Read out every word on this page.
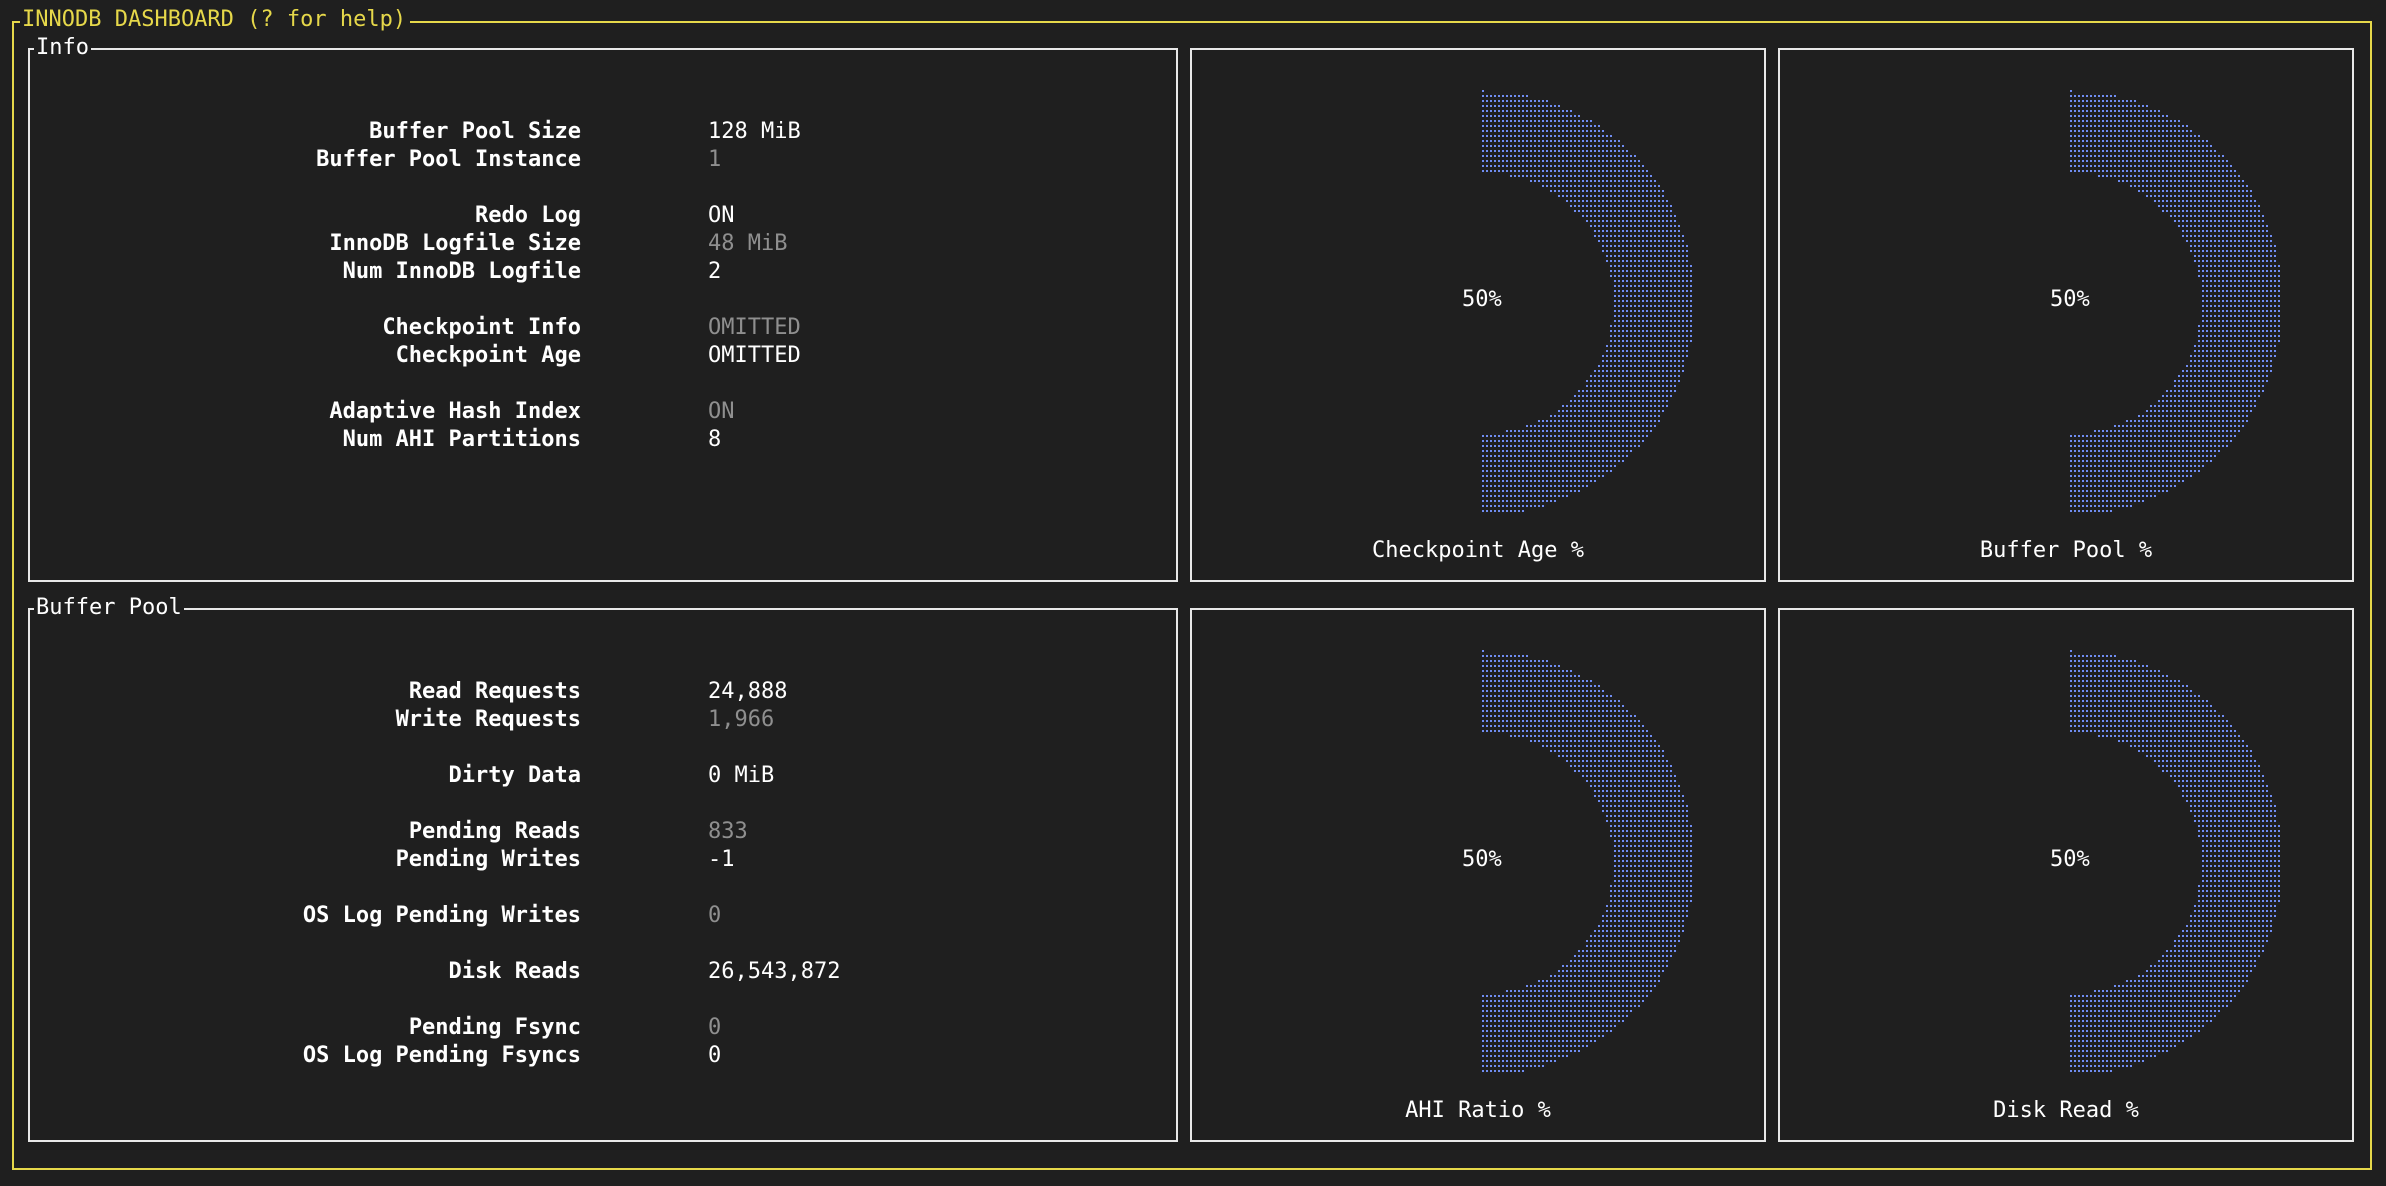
INNODB DASHBOARD (? for help)
Info
Buffer Pool Size	128 MiB
Buffer Pool Instance	1
Redo Log	ON
InnoDB Logfile Size	48 MiB
Num InnoDB Logfile	2
Checkpoint Info	OMITTED
Checkpoint Age	OMITTED
Adaptive Hash Index	ON
Num AHI Partitions	8
Buffer Pool
Read Requests	24,888
Write Requests	1,966
Dirty Data	0 MiB
Pending Reads	833
Pending Writes	-1
OS Log Pending Writes	0
Disk Reads	26,543,872
Pending Fsync	0
OS Log Pending Fsyncs	0
50%
Checkpoint Age %
50%
Buffer Pool %
50%
AHI Ratio %
50%
Disk Read %
